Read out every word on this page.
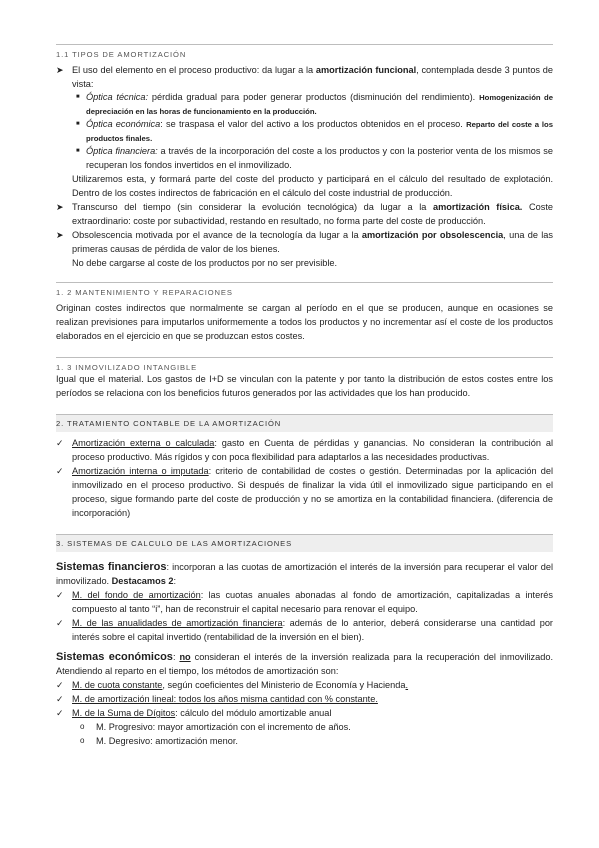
1.1 TIPOS DE AMORTIZACIÓN
➤ El uso del elemento en el proceso productivo: da lugar a la amortización funcional, contemplada desde 3 puntos de vista:
■ Óptica técnica: pérdida gradual para poder generar productos (disminución del rendimiento). Homogenización de depreciación en las horas de funcionamiento en la producción.
■ Óptica económica: se traspasa el valor del activo a los productos obtenidos en el proceso. Reparto del coste a los productos finales.
■ Óptica financiera: a través de la incorporación del coste a los productos y con la posterior venta de los mismos se recuperan los fondos invertidos en el inmovilizado.
Utilizaremos esta, y formará parte del coste del producto y participará en el cálculo del resultado de explotación. Dentro de los costes indirectos de fabricación en el cálculo del coste industrial de producción.
➤ Transcurso del tiempo (sin considerar la evolución tecnológica) da lugar a la amortización física. Coste extraordinario: coste por subactividad, restando en resultado, no forma parte del coste de producción.
➤ Obsolescencia motivada por el avance de la tecnología da lugar a la amortización por obsolescencia, una de las primeras causas de pérdida de valor de los bienes.
No debe cargarse al coste de los productos por no ser previsible.
1. 2 MANTENIMIENTO Y REPARACIONES

Originan costes indirectos que normalmente se cargan al período en el que se producen, aunque en ocasiones se realizan previsiones para imputarlos uniformemente a todos los productos y no incrementar así el coste de los productos elaborados en el ejercicio en que se produzcan estos costes.

1. 3 INMOVILIZADO INTANGIBLE

Igual que el material. Los gastos de I+D se vinculan con la patente y por tanto la distribución de estos costes entre los períodos se relaciona con los beneficios futuros generados por las actividades que los han producido.

2. TRATAMIENTO CONTABLE DE LA AMORTIZACIÓN
✓ Amortización externa o calculada: gasto en Cuenta de pérdidas y ganancias. No consideran la contribución al proceso productivo. Más rígidos y con poca flexibilidad para adaptarlos a las necesidades productivas.
✓ Amortización interna o imputada: criterio de contabilidad de costes o gestión. Determinadas por la aplicación del inmovilizado en el proceso productivo. Si después de finalizar la vida útil el inmovilizado sigue participando en el proceso, sigue formando parte del coste de producción y no se amortiza en la contabilidad financiera. (diferencia de incorporación)
3. SISTEMAS DE CALCULO DE LAS AMORTIZACIONES

Sistemas financieros: incorporan a las cuotas de amortización el interés de la inversión para recuperar el valor del inmovilizado. Destacamos 2:

✓ M. del fondo de amortización: las cuotas anuales abonadas al fondo de amortización, capitalizadas a interés compuesto al tanto “i”, han de reconstruir el capital necesario para renovar el equipo.
✓ M. de las anualidades de amortización financiera: además de lo anterior, deberá considerarse una cantidad por interés sobre el capital invertido (rentabilidad de la inversión en el bien).

Sistemas económicos: no consideran el interés de la inversión realizada para la recuperación del inmovilizado. Atendiendo al reparto en el tiempo, los métodos de amortización son:

✓ M. de cuota constante, según coeficientes del Ministerio de Economía y Hacienda.
✓ M. de amortización lineal: todos los años misma cantidad con % constante.
✓ M. de la Suma de Dígitos: cálculo del módulo amortizable anual
o M. Progresivo: mayor amortización con el incremento de años.
o M. Degresivo: amortización menor.
